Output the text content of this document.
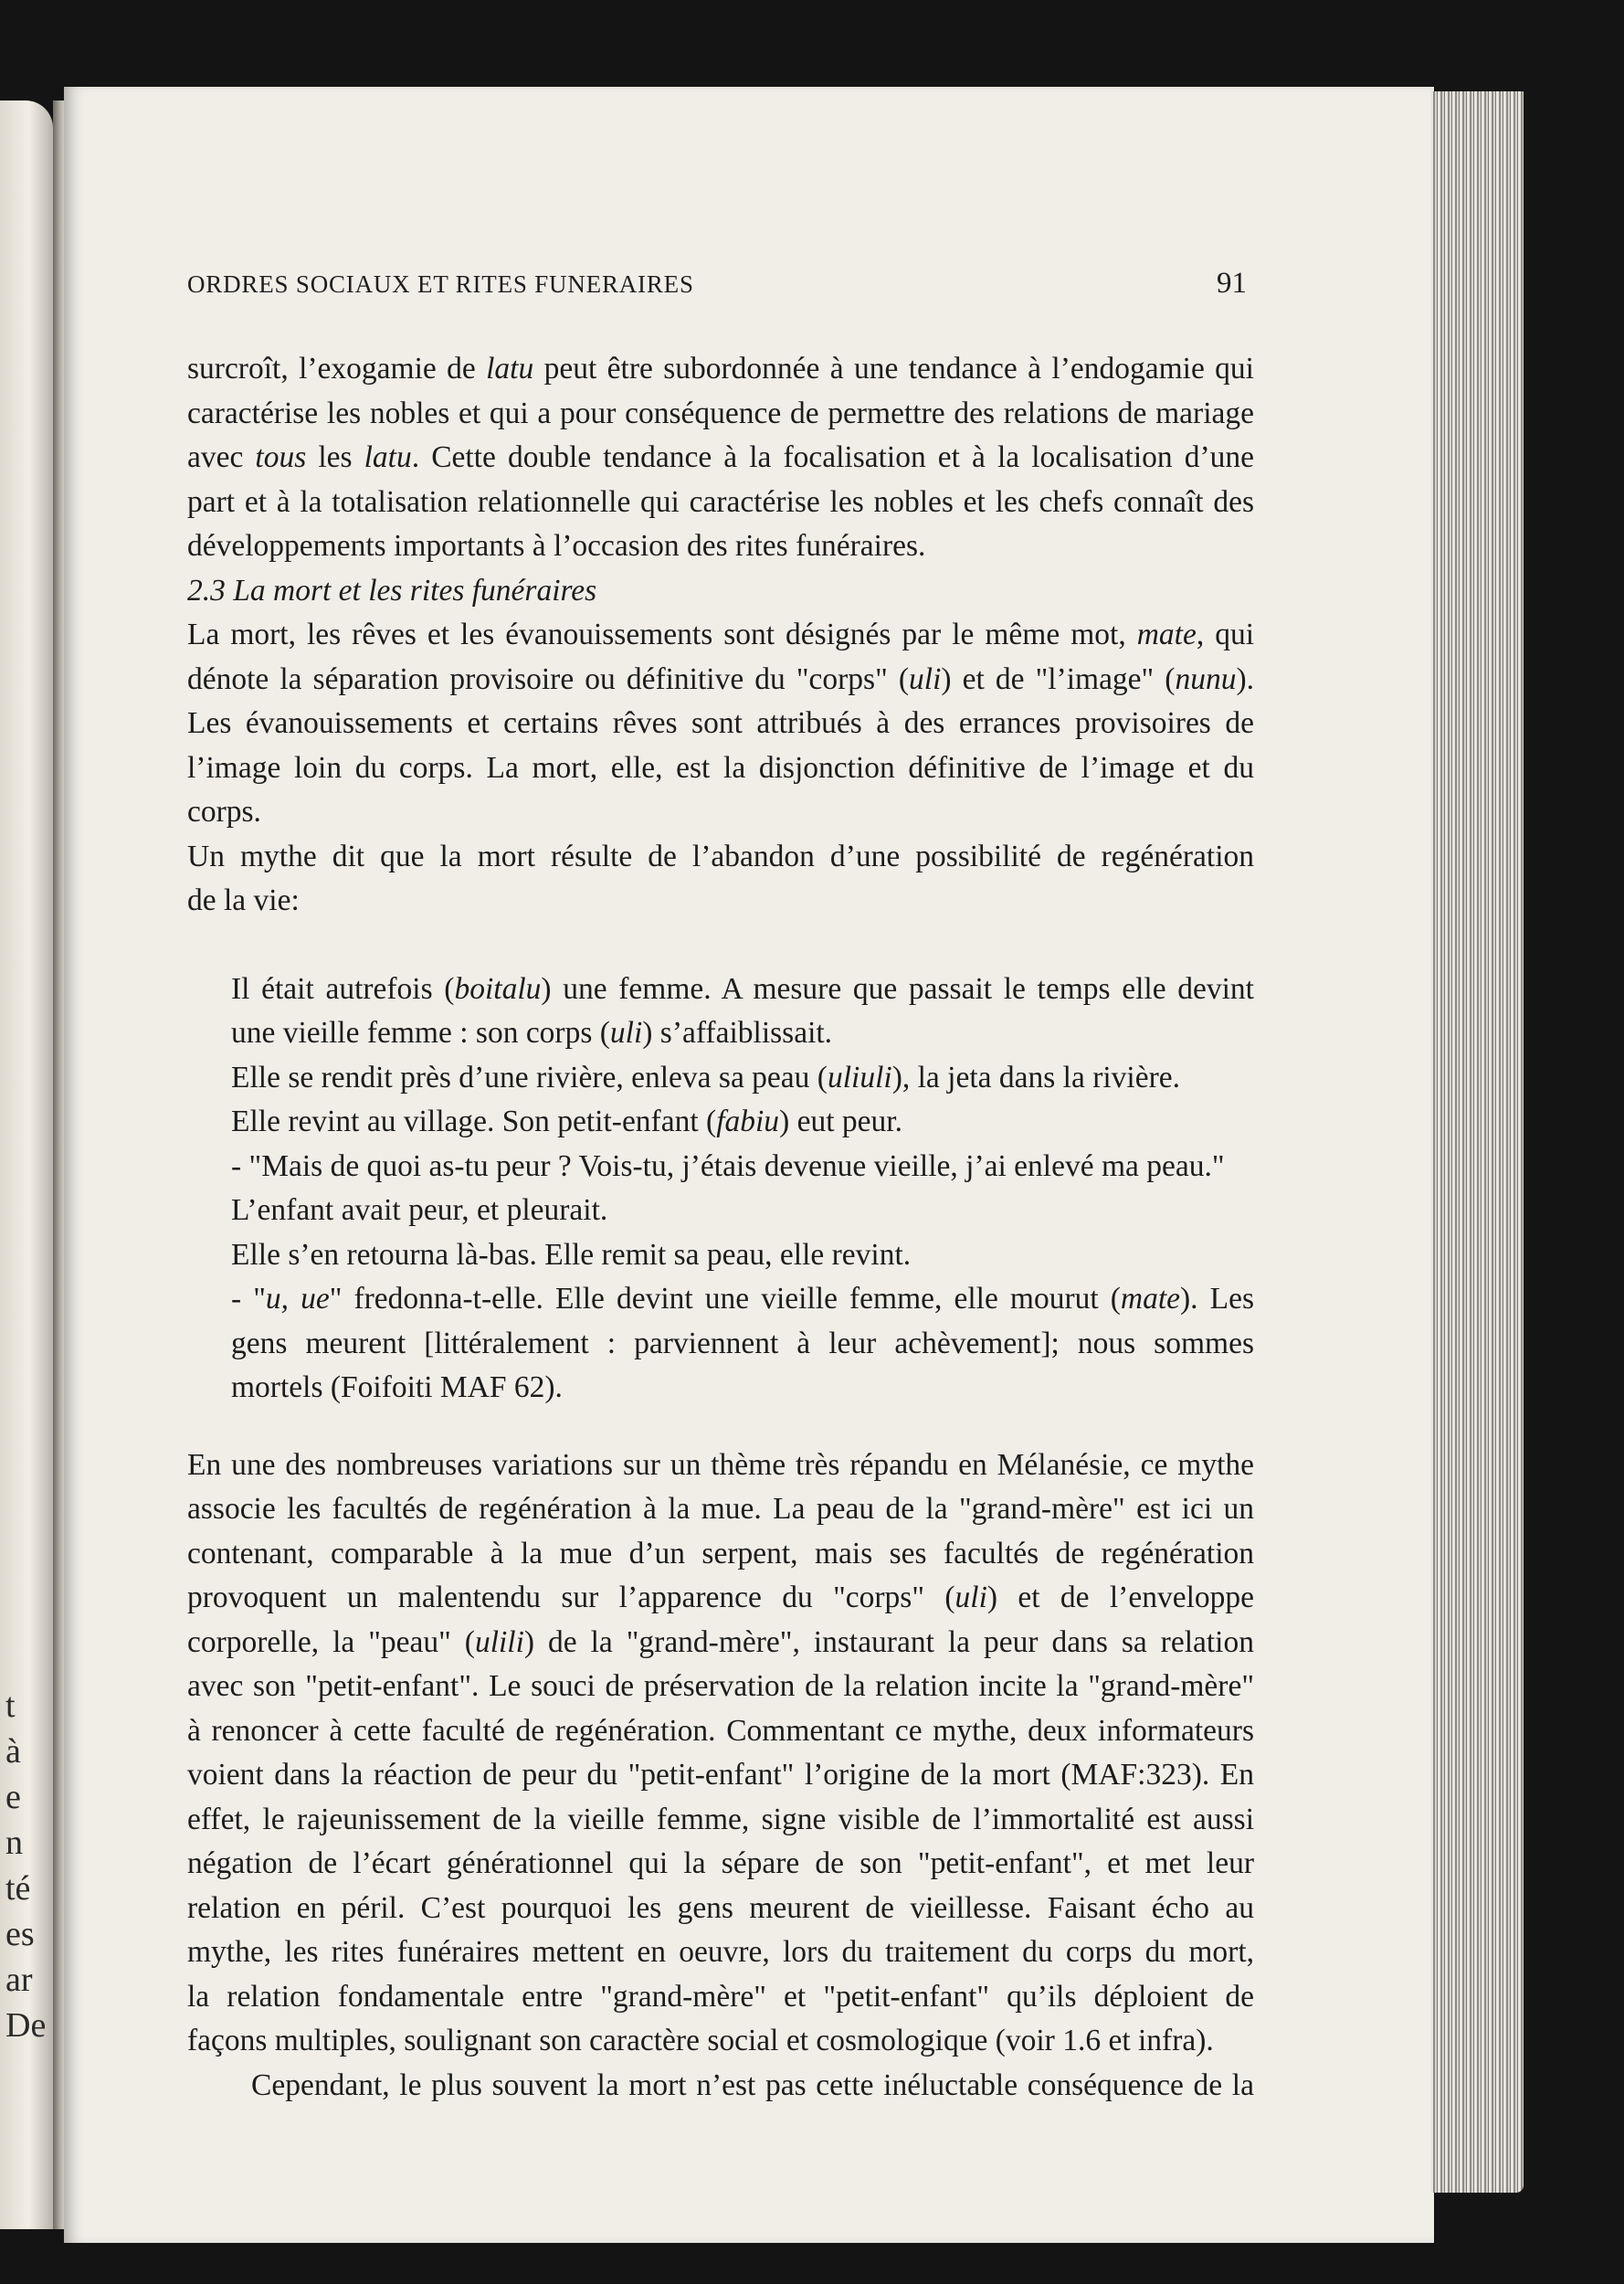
t
à
e
n
té
es
ar
De
ORDRES SOCIAUX ET RITES FUNERAIRES	91

surcroît, l’exogamie de latu peut être subordonnée à une tendance à l’endogamie qui

caractérise les nobles et qui a pour conséquence de permettre des relations de mariage

avec tous les latu. Cette double tendance à la focalisation et à la localisation d’une

part et à la totalisation relationnelle qui caractérise les nobles et les chefs connaît des

développements importants à l’occasion des rites funéraires.

2.3 La mort et les rites funéraires

La mort, les rêves et les évanouissements sont désignés par le même mot, mate, qui

dénote la séparation provisoire ou définitive du "corps" (uli) et de "l’image" (nunu).

Les évanouissements et certains rêves sont attribués à des errances provisoires de

l’image loin du corps. La mort, elle, est la disjonction définitive de l’image et du

corps.

Un mythe dit que la mort résulte de l’abandon d’une possibilité de regénération

de la vie:

Il était autrefois (boitalu) une femme. A mesure que passait le temps elle devint

une vieille femme : son corps (uli) s’affaiblissait.

Elle se rendit près d’une rivière, enleva sa peau (uliuli), la jeta dans la rivière.

Elle revint au village. Son petit-enfant (fabiu) eut peur.

- "Mais de quoi as-tu peur ? Vois-tu, j’étais devenue vieille, j’ai enlevé ma peau."

L’enfant avait peur, et pleurait.

Elle s’en retourna là-bas. Elle remit sa peau, elle revint.

- "u, ue" fredonna-t-elle. Elle devint une vieille femme, elle mourut (mate). Les

gens meurent [littéralement : parviennent à leur achèvement]; nous sommes

mortels (Foifoiti MAF 62).

En une des nombreuses variations sur un thème très répandu en Mélanésie, ce mythe

associe les facultés de regénération à la mue. La peau de la "grand-mère" est ici un

contenant, comparable à la mue d’un serpent, mais ses facultés de regénération

provoquent un malentendu sur l’apparence du "corps" (uli) et de l’enveloppe

corporelle, la "peau" (ulili) de la "grand-mère", instaurant la peur dans sa relation

avec son "petit-enfant". Le souci de préservation de la relation incite la "grand-mère"

à renoncer à cette faculté de regénération. Commentant ce mythe, deux informateurs

voient dans la réaction de peur du "petit-enfant" l’origine de la mort (MAF:323). En

effet, le rajeunissement de la vieille femme, signe visible de l’immortalité est aussi

négation de l’écart générationnel qui la sépare de son "petit-enfant", et met leur

relation en péril. C’est pourquoi les gens meurent de vieillesse. Faisant écho au

mythe, les rites funéraires mettent en oeuvre, lors du traitement du corps du mort,

la relation fondamentale entre "grand-mère" et "petit-enfant" qu’ils déploient de

façons multiples, soulignant son caractère social et cosmologique (voir 1.6 et infra).

Cependant, le plus souvent la mort n’est pas cette inéluctable conséquence de la
